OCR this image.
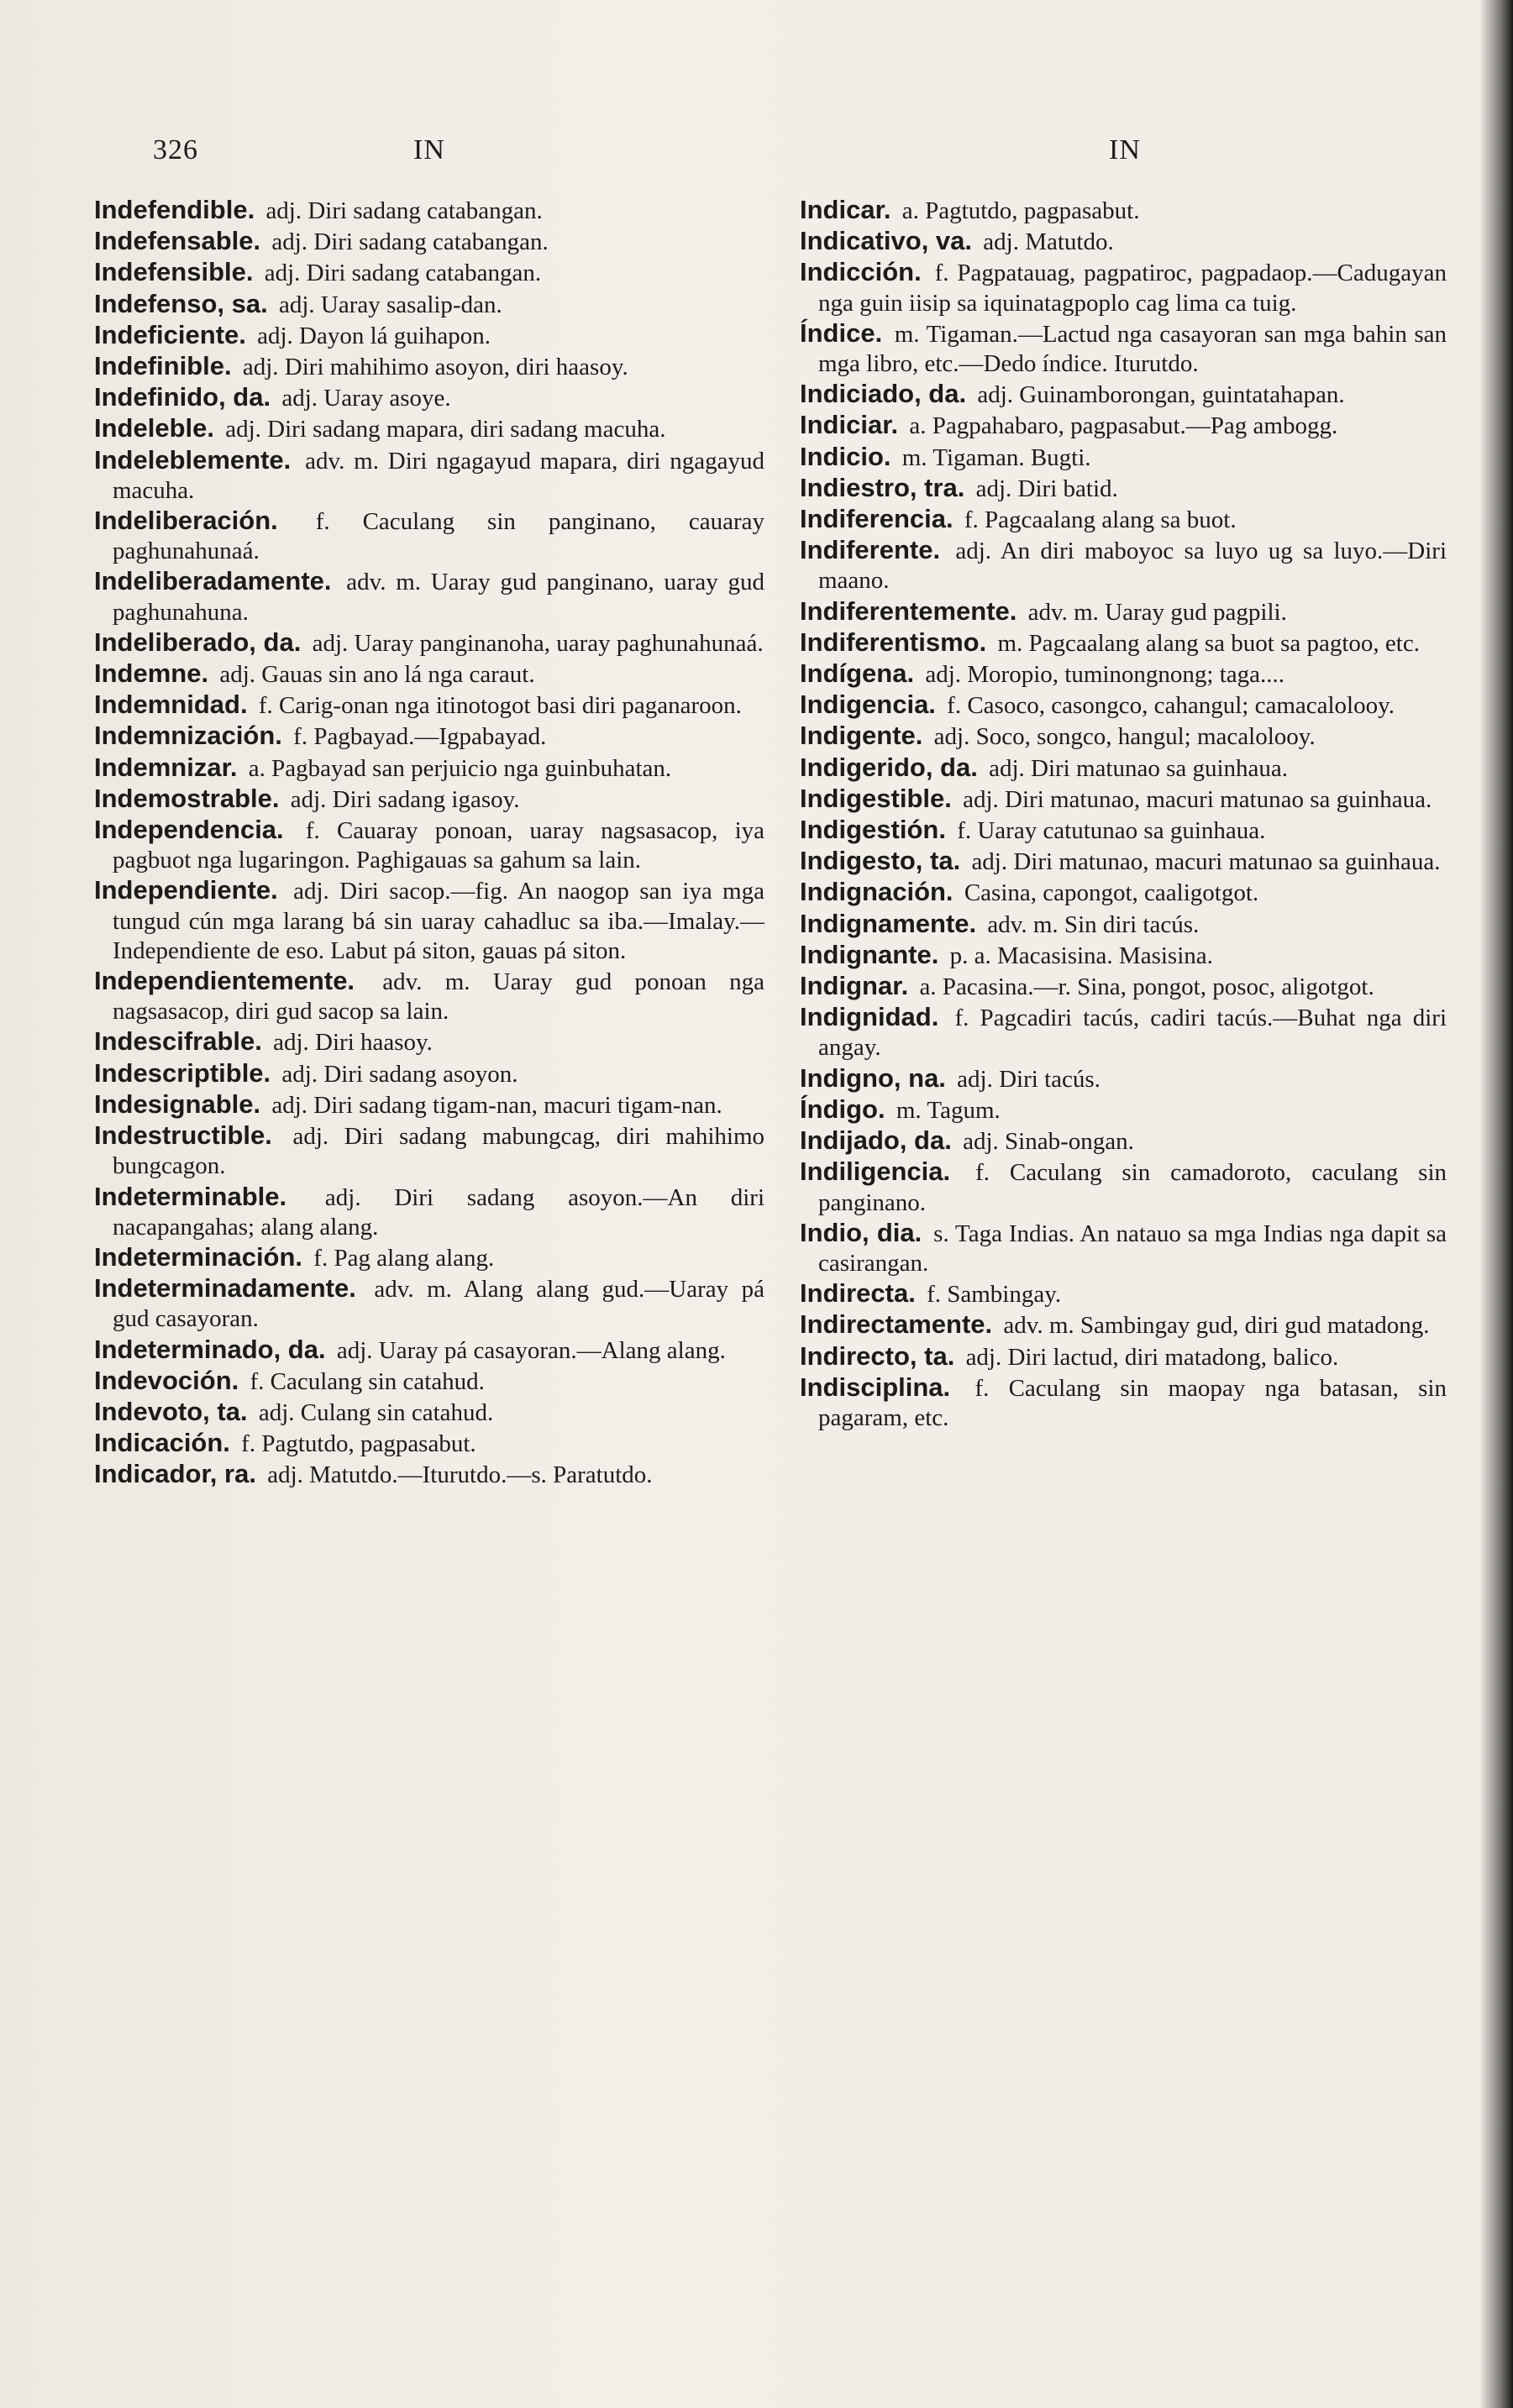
326	IN	IN
Indefendible. adj. Diri sadang catabangan.
Indefensable. adj. Diri sadang catabangan.
Indefensible. adj. Diri sadang catabangan.
Indefenso, sa. adj. Uaray sasalip-dan.
Indeficiente. adj. Dayon lá guihapon.
Indefinible. adj. Diri mahihimo asoyon, diri haasoy.
Indefinido, da. adj. Uaray asoye.
Indeleble. adj. Diri sadang mapara, diri sadang macuha.
Indeleblemente. adv. m. Diri ngagayud mapara, diri ngagayud macuha.
Indeliberación. f. Caculang sin panginano, cauaray paghunahunaá.
Indeliberadamente. adv. m. Uaray gud panginano, uaray gud paghunahuna.
Indeliberado, da. adj. Uaray panginanoha, uaray paghunahunaá.
Indemne. adj. Gauas sin ano lá nga caraut.
Indemnidad. f. Carig-onan nga itinotogot basi diri paganaroon.
Indemnización. f. Pagbayad.—Igpabayad.
Indemnizar. a. Pagbayad san perjuicio nga guinbuhatan.
Indemostrable. adj. Diri sadang igasoy.
Independencia. f. Cauaray ponoan, uaray nagsasacop, iya pagbuot nga lugaringon. Paghigauas sa gahum sa lain.
Independiente. adj. Diri sacop.—fig. An naogop san iya mga tungud cún mga larang bá sin uaray cahadluc sa iba.—Imalay.—Independiente de eso. Labut pá siton, gauas pá siton.
Independientemente. adv. m. Uaray gud ponoan nga nagsasacop, diri gud sacop sa lain.
Indescifrable. adj. Diri haasoy.
Indescriptible. adj. Diri sadang asoyon.
Indesignable. adj. Diri sadang tigam-nan, macuri tigam-nan.
Indestructible. adj. Diri sadang mabungcag, diri mahihimo bungcagon.
Indeterminable. adj. Diri sadang asoyon.—An diri nacapangahas; alang alang.
Indeterminación. f. Pag alang alang.
Indeterminadamente. adv. m. Alang alang gud.—Uaray pá gud casayoran.
Indeterminado, da. adj. Uaray pá casayoran.—Alang alang.
Indevoción. f. Caculang sin catahud.
Indevoto, ta. adj. Culang sin catahud.
Indicación. f. Pagtutdo, pagpasabut.
Indicador, ra. adj. Matutdo.—Iturutdo.—s. Paratutdo.
Indicar. a. Pagtutdo, pagpasabut.
Indicativo, va. adj. Matutdo.
Indicción. f. Pagpatauag, pagpatiroc, pagpadaop.—Cadugayan nga guin iisip sa iquinatagpoplo cag lima ca tuig.
Índice. m. Tigaman.—Lactud nga casayoran san mga bahin san mga libro, etc.—Dedo índice. Iturutdo.
Indiciado, da. adj. Guinamborongan, guintatahapan.
Indiciar. a. Pagpahabaro, pagpasabut.—Pag ambogg.
Indicio. m. Tigaman. Bugti.
Indiestro, tra. adj. Diri batid.
Indiferencia. f. Pagcaalang alang sa buot.
Indiferente. adj. An diri maboyoc sa luyo ug sa luyo.—Diri maano.
Indiferentemente. adv. m. Uaray gud pagpili.
Indiferentismo. m. Pagcaalang alang sa buot sa pagtoo, etc.
Indígena. adj. Moropio, tuminongnong; taga....
Indigencia. f. Casoco, casongco, cahangul; camacalolooy.
Indigente. adj. Soco, songco, hangul; macalolooy.
Indigerido, da. adj. Diri matunao sa guinhaua.
Indigestible. adj. Diri matunao, macuri matunao sa guinhaua.
Indigestión. f. Uaray catutunao sa guinhaua.
Indigesto, ta. adj. Diri matunao, macuri matunao sa guinhaua.
Indignación. Casina, capongot, caaligotgot.
Indignamente. adv. m. Sin diri tacús.
Indignante. p. a. Macasisina. Masisina.
Indignar. a. Pacasina.—r. Sina, pongot, posoc, aligotgot.
Indignidad. f. Pagcadiri tacús, cadiri tacús.—Buhat nga diri angay.
Indigno, na. adj. Diri tacús.
Índigo. m. Tagum.
Indijado, da. adj. Sinab-ongan.
Indiligencia. f. Caculang sin camadoroto, caculang sin panginano.
Indio, dia. s. Taga Indias. An natauo sa mga Indias nga dapit sa casirangan.
Indirecta. f. Sambingay.
Indirectamente. adv. m. Sambingay gud, diri gud matadong.
Indirecto, ta. adj. Diri lactud, diri matadong, balico.
Indisciplina. f. Caculang sin maopay nga batasan, sin pagaram, etc.
